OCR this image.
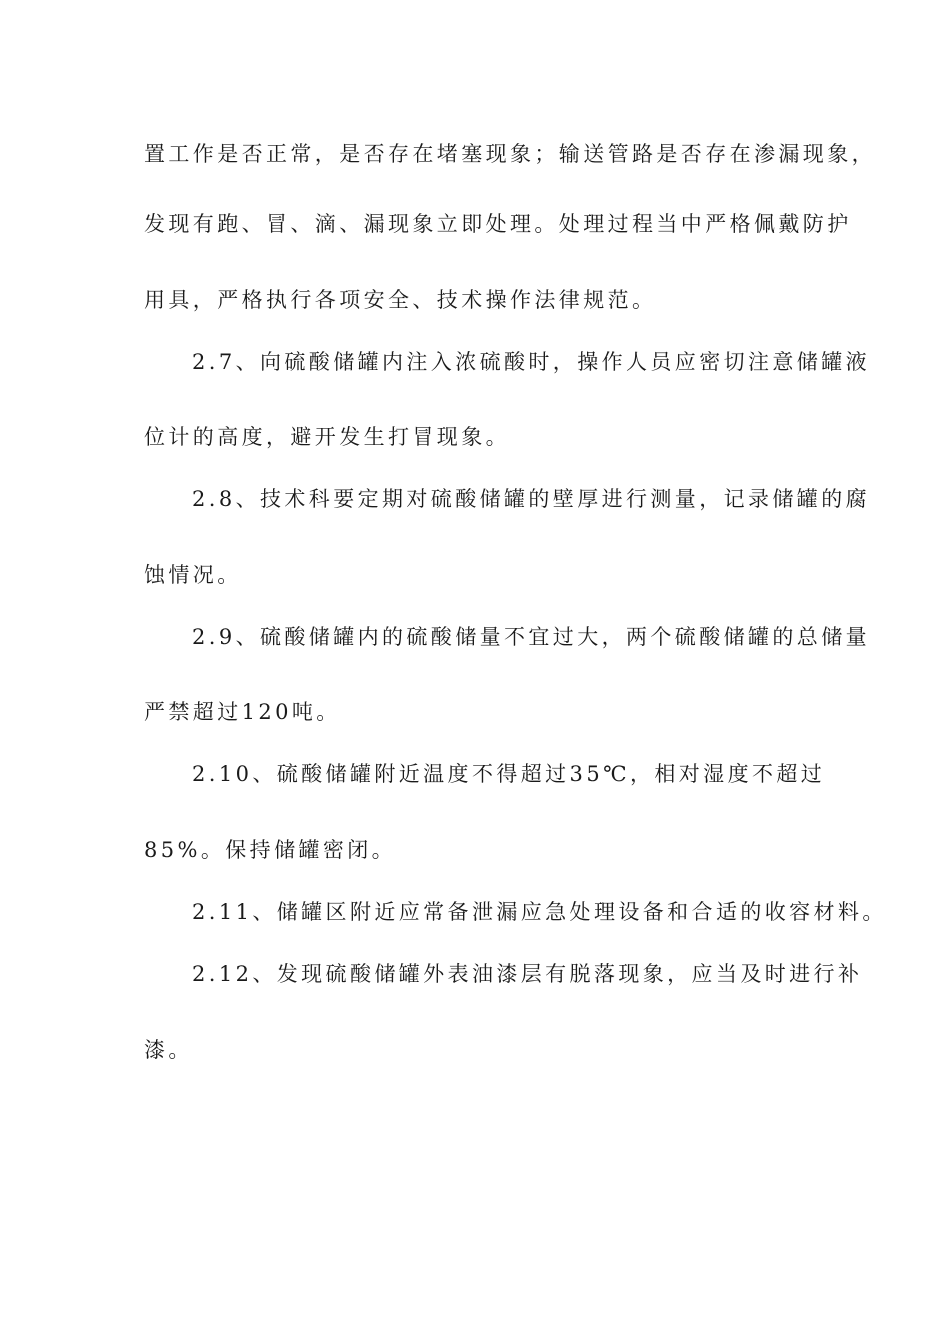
置工作是否正常，是否存在堵塞现象；输送管路是否存在渗漏现象，
发现有跑、冒、滴、漏现象立即处理。处理过程当中严格佩戴防护
用具，严格执行各项安全、技术操作法律规范。
2.7、向硫酸储罐内注入浓硫酸时，操作人员应密切注意储罐液
位计的高度，避开发生打冒现象。
2.8、技术科要定期对硫酸储罐的壁厚进行测量，记录储罐的腐
蚀情况。
2.9、硫酸储罐内的硫酸储量不宜过大，两个硫酸储罐的总储量
严禁超过120吨。
2.10、硫酸储罐附近温度不得超过35℃，相对湿度不超过
85%。保持储罐密闭。
2.11、储罐区附近应常备泄漏应急处理设备和合适的收容材料。
2.12、发现硫酸储罐外表油漆层有脱落现象，应当及时进行补
漆。
